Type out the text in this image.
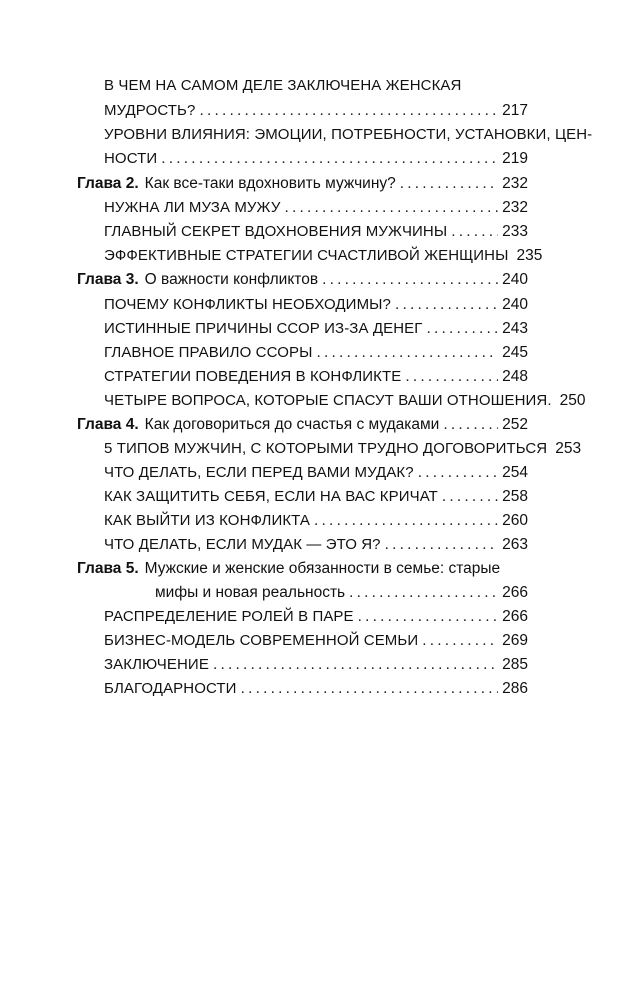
В ЧЕМ НА САМОМ ДЕЛЕ ЗАКЛЮЧЕНА ЖЕНСКАЯ
МУДРОСТЬ? .....	217
УРОВНИ ВЛИЯНИЯ: ЭМОЦИИ, ПОТРЕБНОСТИ, УСТАНОВКИ, ЦЕН-
НОСТИ .....	219
Глава 2. Как все-таки вдохновить мужчину? .....	232
НУЖНА ЛИ МУЗА МУЖУ .....	232
ГЛАВНЫЙ СЕКРЕТ ВДОХНОВЕНИЯ МУЖЧИНЫ .....	233
ЭФФЕКТИВНЫЕ СТРАТЕГИИ СЧАСТЛИВОЙ ЖЕНЩИНЫ 235
Глава 3. О важности конфликтов .....	240
ПОЧЕМУ КОНФЛИКТЫ НЕОБХОДИМЫ? .....	240
ИСТИННЫЕ ПРИЧИНЫ ССОР ИЗ-ЗА ДЕНЕГ .....	243
ГЛАВНОЕ ПРАВИЛО ССОРЫ .....	245
СТРАТЕГИИ ПОВЕДЕНИЯ В КОНФЛИКТЕ .....	248
ЧЕТЫРЕ ВОПРОСА, КОТОРЫЕ СПАСУТ ВАШИ ОТНОШЕНИЯ. 250
Глава 4. Как договориться до счастья с мудаками .....	252
5 ТИПОВ МУЖЧИН, С КОТОРЫМИ ТРУДНО ДОГОВОРИТЬСЯ 253
ЧТО ДЕЛАТЬ, ЕСЛИ ПЕРЕД ВАМИ МУДАК? .....	254
КАК ЗАЩИТИТЬ СЕБЯ, ЕСЛИ НА ВАС КРИЧАТ .....	258
КАК ВЫЙТИ ИЗ КОНФЛИКТА .....	260
ЧТО ДЕЛАТЬ, ЕСЛИ МУДАК — ЭТО Я? .....	263
Глава 5. Мужские и женские обязанности в семье: старые
мифы и новая реальность .....	266
РАСПРЕДЕЛЕНИЕ РОЛЕЙ В ПАРЕ .....	266
БИЗНЕС-МОДЕЛЬ СОВРЕМЕННОЙ СЕМЬИ .....	269
ЗАКЛЮЧЕНИЕ .....	285
БЛАГОДАРНОСТИ .....	286
